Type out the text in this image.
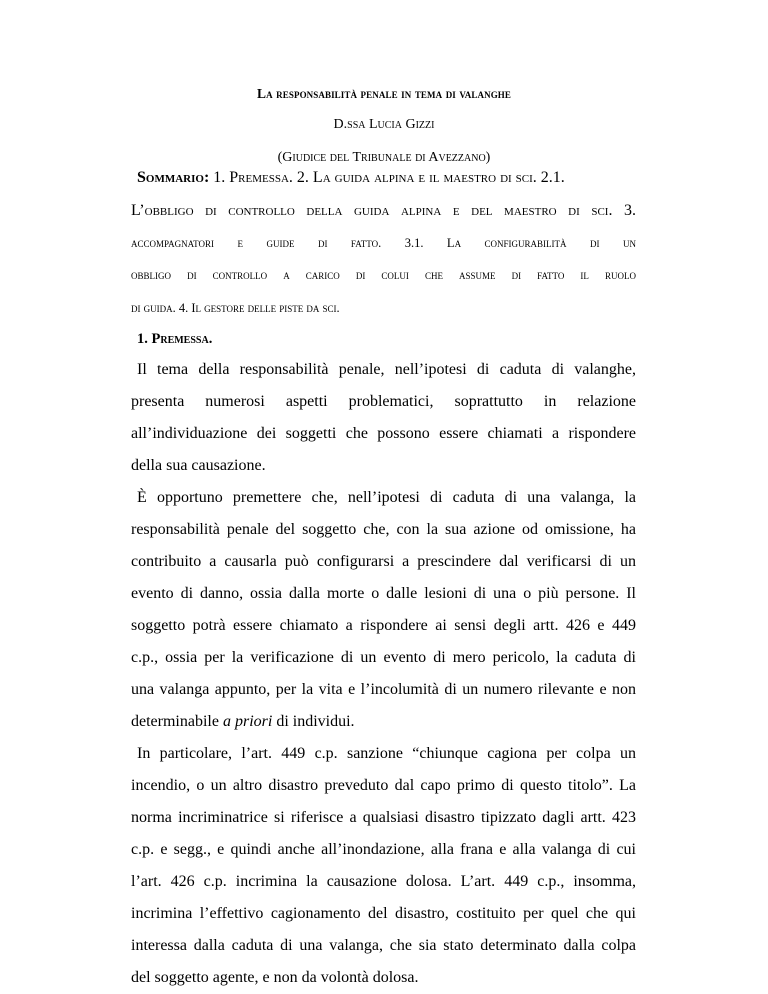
La responsabilità penale in tema di valanghe
D.ssa Lucia Gizzi
(Giudice del Tribunale di Avezzano)
Sommario: 1. Premessa. 2. La guida alpina e il maestro di sci. 2.1.
L’obbligo di controllo della guida alpina e del maestro di sci. 3.
accompagnatori e guide di fatto. 3.1. La configurabilità di un
obbligo di controllo a carico di colui che assume di fatto il ruolo
di guida. 4. Il gestore delle piste da sci.
1. Premessa.
Il tema della responsabilità penale, nell’ipotesi di caduta di valanghe,
presenta numerosi aspetti problematici, soprattutto in relazione
all’individuazione dei soggetti che possono essere chiamati a rispondere
della sua causazione.
È opportuno premettere che, nell’ipotesi di caduta di una valanga, la
responsabilità penale del soggetto che, con la sua azione od omissione, ha
contribuito a causarla può configurarsi a prescindere dal verificarsi di un
evento di danno, ossia dalla morte o dalle lesioni di una o più persone. Il
soggetto potrà essere chiamato a rispondere ai sensi degli artt. 426 e 449
c.p., ossia per la verificazione di un evento di mero pericolo, la caduta di
una valanga appunto, per la vita e l’incolumità di un numero rilevante e non
determinabile a priori di individui.
In particolare, l’art. 449 c.p. sanzione “chiunque cagiona per colpa un
incendio, o un altro disastro preveduto dal capo primo di questo titolo”. La
norma incriminatrice si riferisce a qualsiasi disastro tipizzato dagli artt. 423
c.p. e segg., e quindi anche all’inondazione, alla frana e alla valanga di cui
l’art. 426 c.p. incrimina la causazione dolosa. L’art. 449 c.p., insomma,
incrimina l’effettivo cagionamento del disastro, costituito per quel che qui
interessa dalla caduta di una valanga, che sia stato determinato dalla colpa
del soggetto agente, e non da volontà dolosa.
